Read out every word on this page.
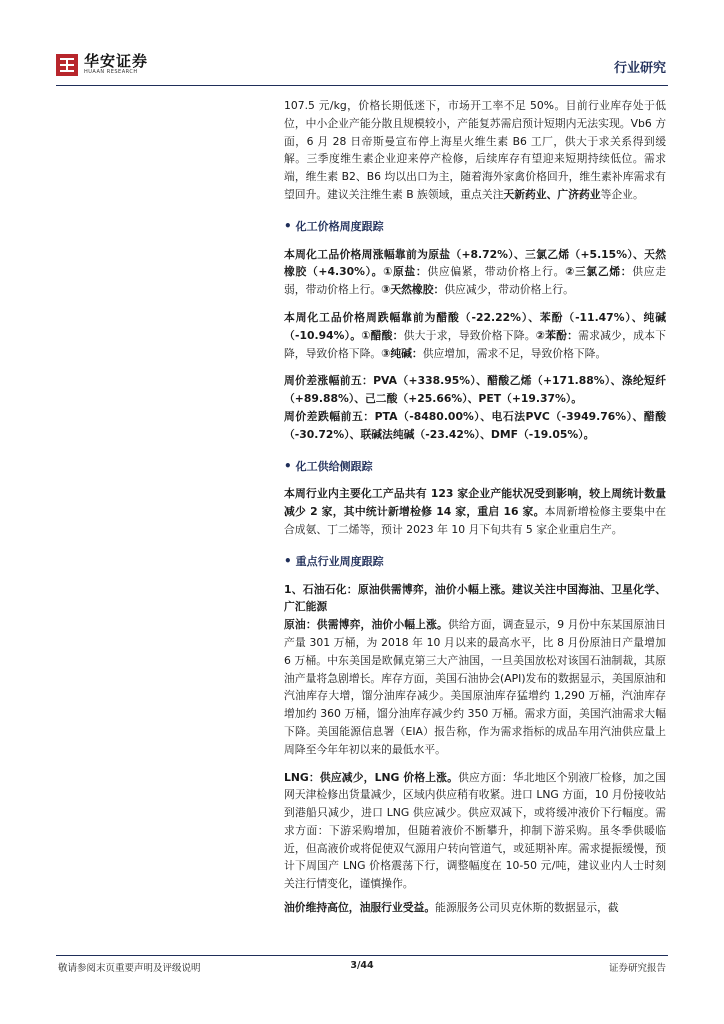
华安证券
HUAAN RESEARCH	行业研究

107.5 元/kg，价格长期低迷下，市场开工率不足 50%。目前行业库存处于低位，中小企业产能分散且规模较小，产能复苏需启预计短期内无法实现。Vb6 方面，6 月 28 日帝斯曼宣布停上海星火维生素 B6 工厂，供大于求关系得到缓解。三季度维生素企业迎来停产检修，后续库存有望迎来短期持续低位。需求端，维生素 B2、B6 均以出口为主，随着海外家禽价格回升，维生素补库需求有望回升。建议关注维生素 B 族领域，重点关注天新药业、广济药业等企业。

• 化工价格周度跟踪

本周化工品价格周涨幅靠前为原盐（+8.72%）、三氯乙烯（+5.15%）、天然橡胶（+4.30%）。①原盐：供应偏紧，带动价格上行。②三氯乙烯：供应走弱，带动价格上行。③天然橡胶：供应减少，带动价格上行。

本周化工品价格周跌幅靠前为醋酸（-22.22%）、苯酚（-11.47%）、纯碱（-10.94%）。①醋酸：供大于求，导致价格下降。②苯酚：需求减少，成本下降，导致价格下降。③纯碱：供应增加，需求不足，导致价格下降。

周价差涨幅前五：PVA（+338.95%）、醋酸乙烯（+171.88%）、涤纶短纤（+89.88%）、己二酸（+25.66%）、PET（+19.37%）。

周价差跌幅前五：PTA（-8480.00%）、电石法PVC（-3949.76%）、醋酸（-30.72%）、联碱法纯碱（-23.42%）、DMF（-19.05%）。

• 化工供给侧跟踪

本周行业内主要化工产品共有 123 家企业产能状况受到影响，较上周统计数量减少 2 家，其中统计新增检修 14 家，重启 16 家。本周新增检修主要集中在合成氨、丁二烯等，预计 2023 年 10 月下旬共有 5 家企业重启生产。

• 重点行业周度跟踪

1、石油石化：原油供需博弈，油价小幅上涨。建议关注中国海油、卫星化学、广汇能源

原油：供需博弈，油价小幅上涨。供给方面，调查显示，9 月份中东某国原油日产量 301 万桶，为 2018 年 10 月以来的最高水平，比 8 月份原油日产量增加 6 万桶。中东美国是欧佩克第三大产油国，一旦美国放松对该国石油制裁，其原油产量将急剧增长。库存方面，美国石油协会(API)发布的数据显示，美国原油和汽油库存大增，馏分油库存减少。美国原油库存猛增约 1,290 万桶，汽油库存增加约 360 万桶，馏分油库存减少约 350 万桶。需求方面，美国汽油需求大幅下降。美国能源信息署（EIA）报告称，作为需求指标的成品车用汽油供应量上周降至今年年初以来的最低水平。

LNG：供应减少，LNG 价格上涨。供应方面：华北地区个别液厂检修，加之国网天津检修出货量减少，区域内供应稍有收紧。进口 LNG 方面，10 月份接收站到港船只减少，进口 LNG 供应减少。供应双减下，或将缓冲液价下行幅度。需求方面：下游采购增加，但随着液价不断攀升，抑制下游采购。虽冬季供暖临近，但高液价或将促使双气源用户转向管道气，或延期补库。需求提振缓慢，预计下周国产 LNG 价格震荡下行，调整幅度在 10-50 元/吨，建议业内人士时刻关注行情变化，谨慎操作。

油价维持高位，油服行业受益。能源服务公司贝克休斯的数据显示，截

敬请参阅末页重要声明及评级说明	3/44	证券研究报告
